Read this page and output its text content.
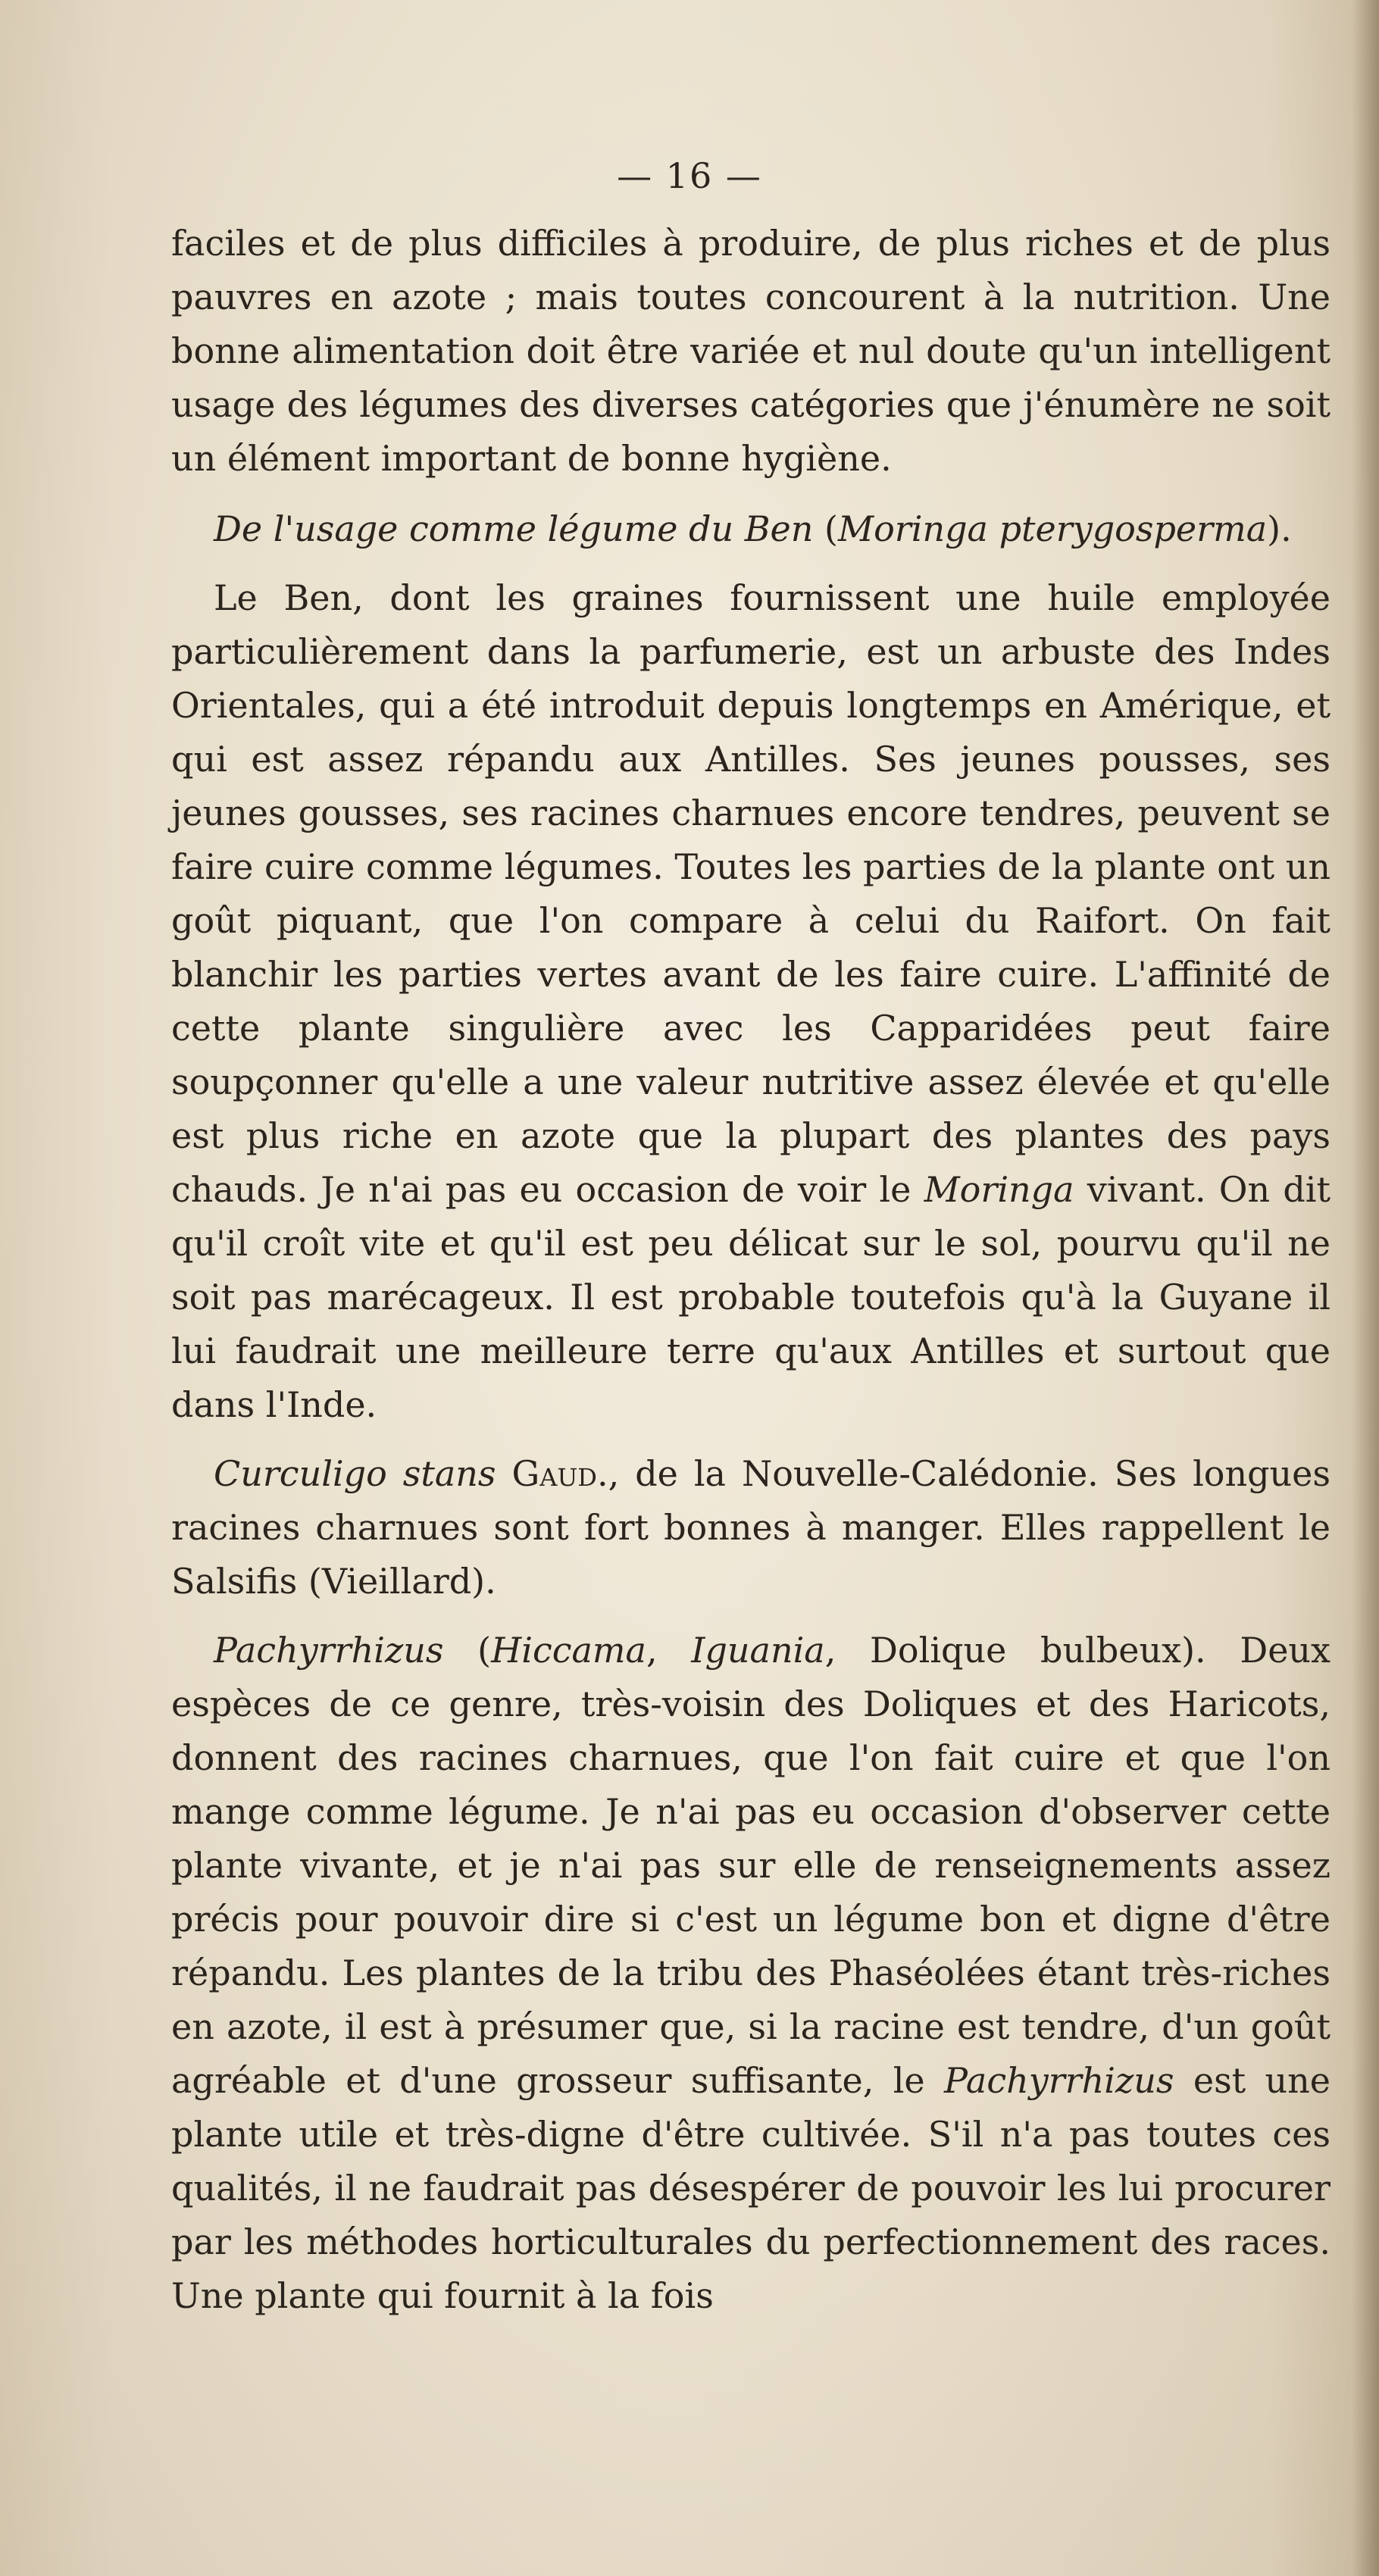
— 16 —

faciles et de plus difficiles à produire, de plus riches et de plus pauvres en azote ; mais toutes concourent à la nutrition. Une bonne alimentation doit être variée et nul doute qu'un intelligent usage des légumes des diverses catégories que j'énumère ne soit un élément important de bonne hygiène.

De l'usage comme légume du Ben (Moringa pterygosperma).

Le Ben, dont les graines fournissent une huile employée particulièrement dans la parfumerie, est un arbuste des Indes Orientales, qui a été introduit depuis longtemps en Amérique, et qui est assez répandu aux Antilles. Ses jeunes pousses, ses jeunes gousses, ses racines charnues encore tendres, peuvent se faire cuire comme légumes. Toutes les parties de la plante ont un goût piquant, que l'on compare à celui du Raifort. On fait blanchir les parties vertes avant de les faire cuire. L'affinité de cette plante singulière avec les Capparidées peut faire soupçonner qu'elle a une valeur nutritive assez élevée et qu'elle est plus riche en azote que la plupart des plantes des pays chauds. Je n'ai pas eu occasion de voir le Moringa vivant. On dit qu'il croît vite et qu'il est peu délicat sur le sol, pourvu qu'il ne soit pas marécageux. Il est probable toutefois qu'à la Guyane il lui faudrait une meilleure terre qu'aux Antilles et surtout que dans l'Inde.

Curculigo stans Gaud., de la Nouvelle-Calédonie. Ses longues racines charnues sont fort bonnes à manger. Elles rappellent le Salsifis (Vieillard).

Pachyrrhizus (Hiccama, Iguania, Dolique bulbeux). Deux espèces de ce genre, très-voisin des Doliques et des Haricots, donnent des racines charnues, que l'on fait cuire et que l'on mange comme légume. Je n'ai pas eu occasion d'observer cette plante vivante, et je n'ai pas sur elle de renseignements assez précis pour pouvoir dire si c'est un légume bon et digne d'être répandu. Les plantes de la tribu des Phaséolées étant très-riches en azote, il est à présumer que, si la racine est tendre, d'un goût agréable et d'une grosseur suffisante, le Pachyrrhizus est une plante utile et très-digne d'être cultivée. S'il n'a pas toutes ces qualités, il ne faudrait pas désespérer de pouvoir les lui procurer par les méthodes horticulturales du perfectionnement des races. Une plante qui fournit à la fois
